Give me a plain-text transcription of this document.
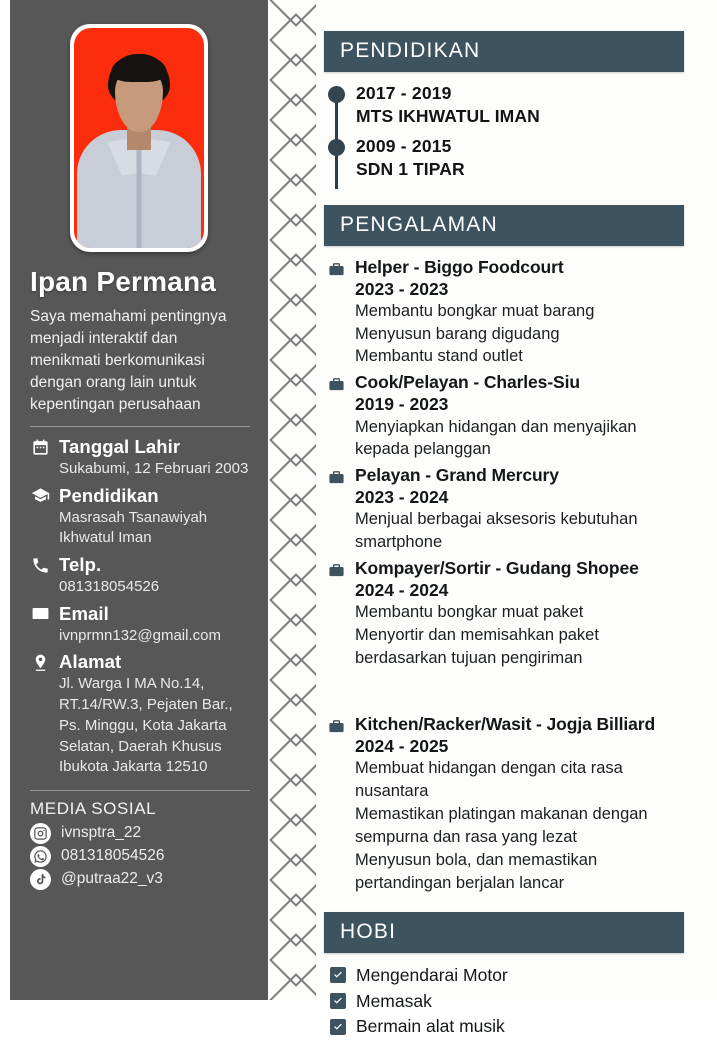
Ipan Permana

Saya memahami pentingnya menjadi interaktif dan menikmati berkomunikasi dengan orang lain untuk kepentingan perusahaan

Tanggal Lahir
Sukabumi, 12 Februari 2003
Pendidikan
Masrasah Tsanawiyah Ikhwatul Iman
Telp.
081318054526
Email
ivnprmn132@gmail.com
Alamat
Jl. Warga I MA No.14, RT.14/RW.3, Pejaten Bar., Ps. Minggu, Kota Jakarta Selatan, Daerah Khusus Ibukota Jakarta 12510
MEDIA SOSIAL
ivnsptra_22
081318054526
@putraa22_v3
PENDIDIKAN
2017 - 2019
MTS IKHWATUL IMAN
2009 - 2015
SDN 1 TIPAR
PENGALAMAN
Helper - Biggo Foodcourt
2023 - 2023
Membantu bongkar muat barang
Menyusun barang digudang
Membantu stand outlet
Cook/Pelayan - Charles-Siu
2019 - 2023
Menyiapkan hidangan dan menyajikan
kepada pelanggan
Pelayan - Grand Mercury
2023 - 2024
Menjual berbagai aksesoris kebutuhan
smartphone
Kompayer/Sortir - Gudang Shopee
2024 - 2024
Membantu bongkar muat paket
Menyortir dan memisahkan paket
berdasarkan tujuan pengiriman
Kitchen/Racker/Wasit - Jogja Billiard
2024 - 2025
Membuat hidangan dengan cita rasa
nusantara
Memastikan platingan makanan dengan
sempurna dan rasa yang lezat
Menyusun bola, dan memastikan
pertandingan berjalan lancar
HOBI
Mengendarai Motor
Memasak
Bermain alat musik
